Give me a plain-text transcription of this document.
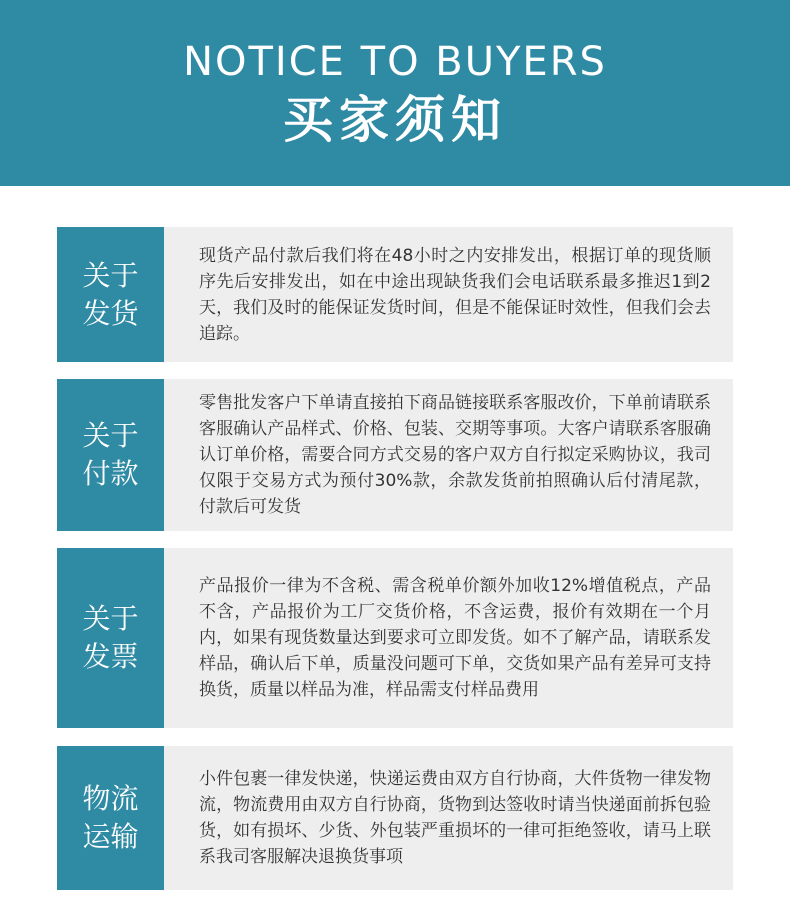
NOTICE TO BUYERS
买家须知
关于发货
现货产品付款后我们将在48小时之内安排发出，根据订单的现货顺序先后安排发出，如在中途出现缺货我们会电话联系最多推迟1到2天，我们及时的能保证发货时间，但是不能保证时效性，但我们会去追踪。
关于付款
零售批发客户下单请直接拍下商品链接联系客服改价，下单前请联系客服确认产品样式、价格、包装、交期等事项。大客户请联系客服确认订单价格，需要合同方式交易的客户双方自行拟定采购协议，我司仅限于交易方式为预付30%款，余款发货前拍照确认后付清尾款，付款后可发货
关于发票
产品报价一律为不含税、需含税单价额外加收12%增值税点，产品不含，产品报价为工厂交货价格，不含运费，报价有效期在一个月内，如果有现货数量达到要求可立即发货。如不了解产品，请联系发样品，确认后下单，质量没问题可下单，交货如果产品有差异可支持换货，质量以样品为准，样品需支付样品费用
物流运输
小件包裹一律发快递，快递运费由双方自行协商，大件货物一律发物流，物流费用由双方自行协商，货物到达签收时请当快递面前拆包验货，如有损坏、少货、外包装严重损坏的一律可拒绝签收，请马上联系我司客服解决退换货事项
